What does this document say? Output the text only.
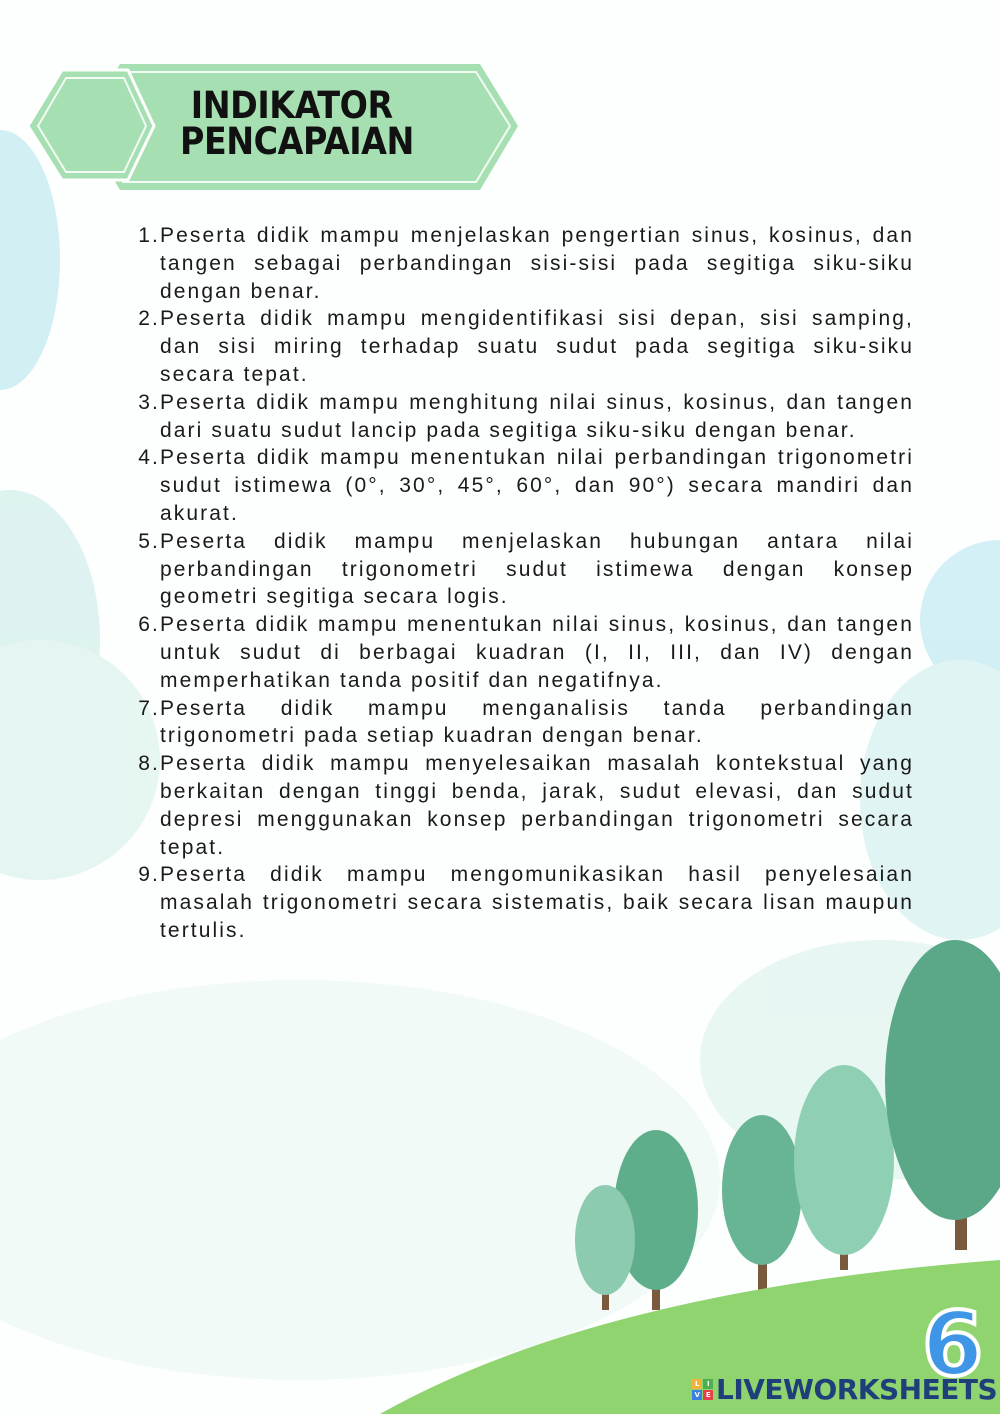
INDIKATOR
PENCAPAIAN
1. Peserta didik mampu menjelaskan pengertian sinus, kosinus, dan tangen sebagai perbandingan sisi-sisi pada segitiga siku-siku dengan benar.
2. Peserta didik mampu mengidentifikasi sisi depan, sisi samping, dan sisi miring terhadap suatu sudut pada segitiga siku-siku secara tepat.
3. Peserta didik mampu menghitung nilai sinus, kosinus, dan tangen dari suatu sudut lancip pada segitiga siku-siku dengan benar.
4. Peserta didik mampu menentukan nilai perbandingan trigonometri sudut istimewa (0°, 30°, 45°, 60°, dan 90°) secara mandiri dan akurat.
5. Peserta didik mampu menjelaskan hubungan antara nilai perbandingan trigonometri sudut istimewa dengan konsep geometri segitiga secara logis.
6. Peserta didik mampu menentukan nilai sinus, kosinus, dan tangen untuk sudut di berbagai kuadran (I, II, III, dan IV) dengan memperhatikan tanda positif dan negatifnya.
7. Peserta didik mampu menganalisis tanda perbandingan trigonometri pada setiap kuadran dengan benar.
8. Peserta didik mampu menyelesaikan masalah kontekstual yang berkaitan dengan tinggi benda, jarak, sudut elevasi, dan sudut depresi menggunakan konsep perbandingan trigonometri secara tepat.
9. Peserta didik mampu mengomunikasikan hasil penyelesaian masalah trigonometri secara sistematis, baik secara lisan maupun tertulis.
6
L	I
V E LIVEWORKSHEETS
